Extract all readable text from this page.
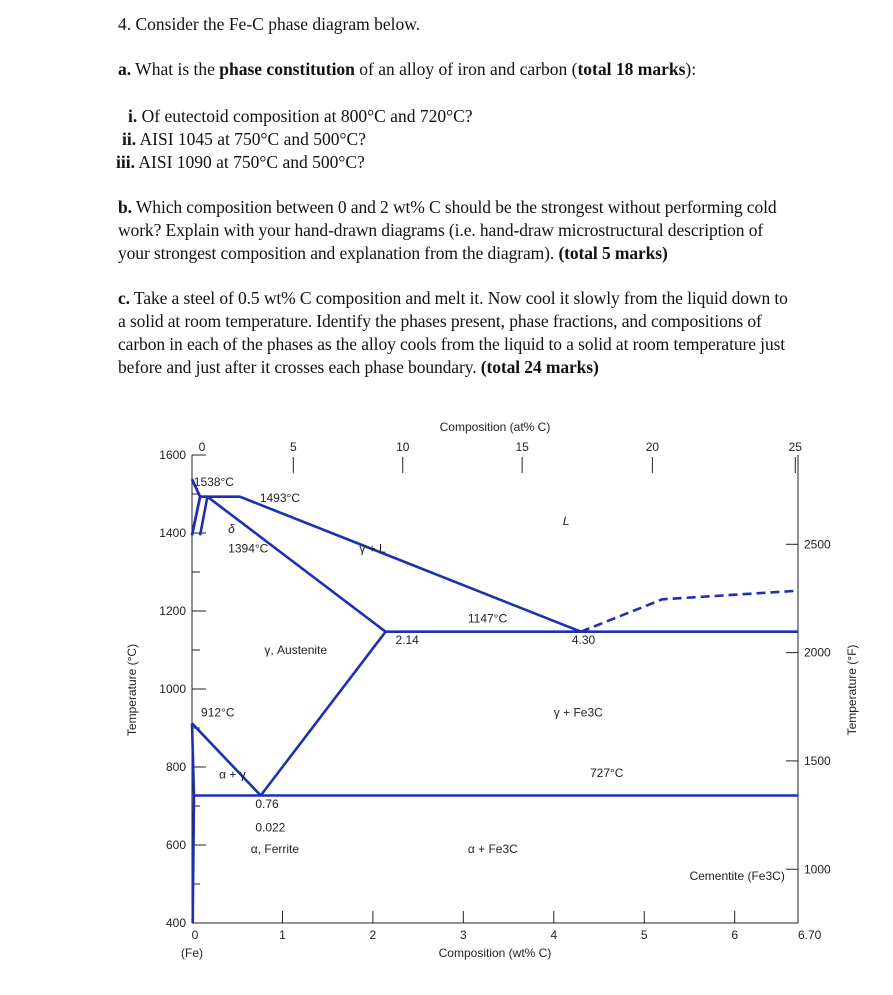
4. Consider the Fe-C phase diagram below.
a. What is the phase constitution of an alloy of iron and carbon (total 18 marks):
i. Of eutectoid composition at 800°C and 720°C?
ii. AISI 1045 at 750°C and 500°C?
iii. AISI 1090 at 750°C and 500°C?
b. Which composition between 0 and 2 wt% C should be the strongest without performing cold
work? Explain with your hand-drawn diagrams (i.e. hand-draw microstructural description of
your strongest composition and explanation from the diagram). (total 5 marks)
c. Take a steel of 0.5 wt% C composition and melt it. Now cool it slowly from the liquid down to
a solid at room temperature. Identify the phases present, phase fractions, and compositions of
carbon in each of the phases as the alloy cools from the liquid to a solid at room temperature just
before and just after it crosses each phase boundary. (total 24 marks)
400
600
800
1000
1200
1400
1600
0	1	2	3	4	5	6	6.70
(Fe)
0	5	10	15	20	25
1000
1500
2000
2500
Composition (at% C)
Composition (wt% C)
Temperature (°C)	Temperature (°F)
1538°C
1493°C
δ
1394°C
L
γ + L
1147°C
2.14	4.30
γ, Austenite
912°C	γ + Fe3C
727°C
α + γ
0.76
0.022
α, Ferrite	α + Fe3C
Cementite (Fe3C)
